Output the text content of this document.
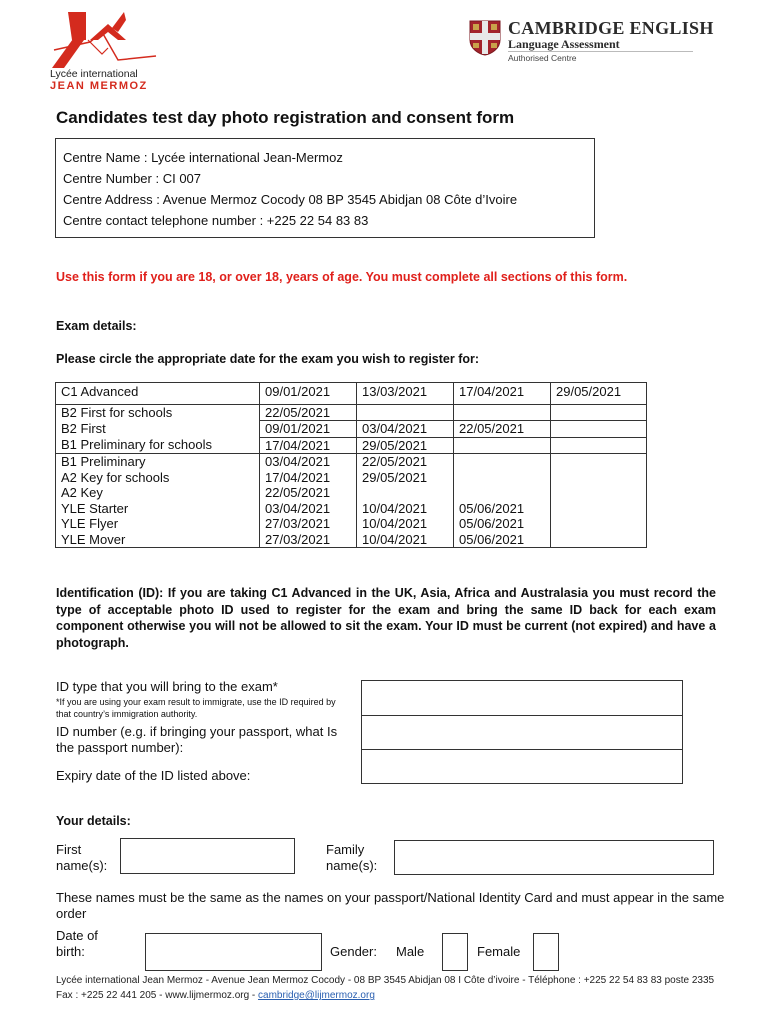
Lycée international
JEAN MERMOZ
CAMBRIDGE ENGLISH
Language Assessment
Authorised Centre
Candidates test day photo registration and consent form
Centre Name : Lycée international Jean-Mermoz
Centre Number : CI 007
Centre Address : Avenue Mermoz Cocody 08 BP 3545 Abidjan 08 Côte d’Ivoire
Centre contact telephone number : +225 22 54 83 83
Use this form if you are 18, or over 18, years of age. You must complete all sections of this form.
Exam details:
Please circle the appropriate date for the exam you wish to register for:
C1 Advanced	09/01/2021	13/03/2021	17/04/2021	29/05/2021
B2 First for schools	22/05/2021			
B2 First	09/01/2021	03/04/2021	22/05/2021	
B1 Preliminary for schools	17/04/2021	29/05/2021		
B1 Preliminary	03/04/2021	22/05/2021		
A2 Key for schools	17/04/2021	29/05/2021		
A2 Key	22/05/2021			
YLE Starter	03/04/2021	10/04/2021	05/06/2021	
YLE Flyer	27/03/2021	10/04/2021	05/06/2021	
YLE Mover	27/03/2021	10/04/2021	05/06/2021	
Identification (ID): If you are taking C1 Advanced in the UK, Asia, Africa and Australasia you must record the type of acceptable photo ID used to register for the exam and bring the same ID back for each exam component otherwise you will not be allowed to sit the exam. Your ID must be current (not expired) and have a photograph.
ID type that you will bring to the exam*
*If you are using your exam result to immigrate, use the ID required by that country’s immigration authority.
ID number (e.g. if bringing your passport, what Is the passport number):
Expiry date of the ID listed above:
Your details:
First name(s):
Family name(s):
These names must be the same as the names on your passport/National Identity Card and must appear in the same order
Date of birth:	Gender: Male	Female
Lycée international Jean Mermoz - Avenue Jean Mermoz Cocody - 08 BP 3545 Abidjan 08 I Côte d’ivoire - Téléphone : +225 22 54 83 83 poste 2335 Fax : +225 22 441 205 - www.lijmermoz.org - cambridge@lijmermoz.org
